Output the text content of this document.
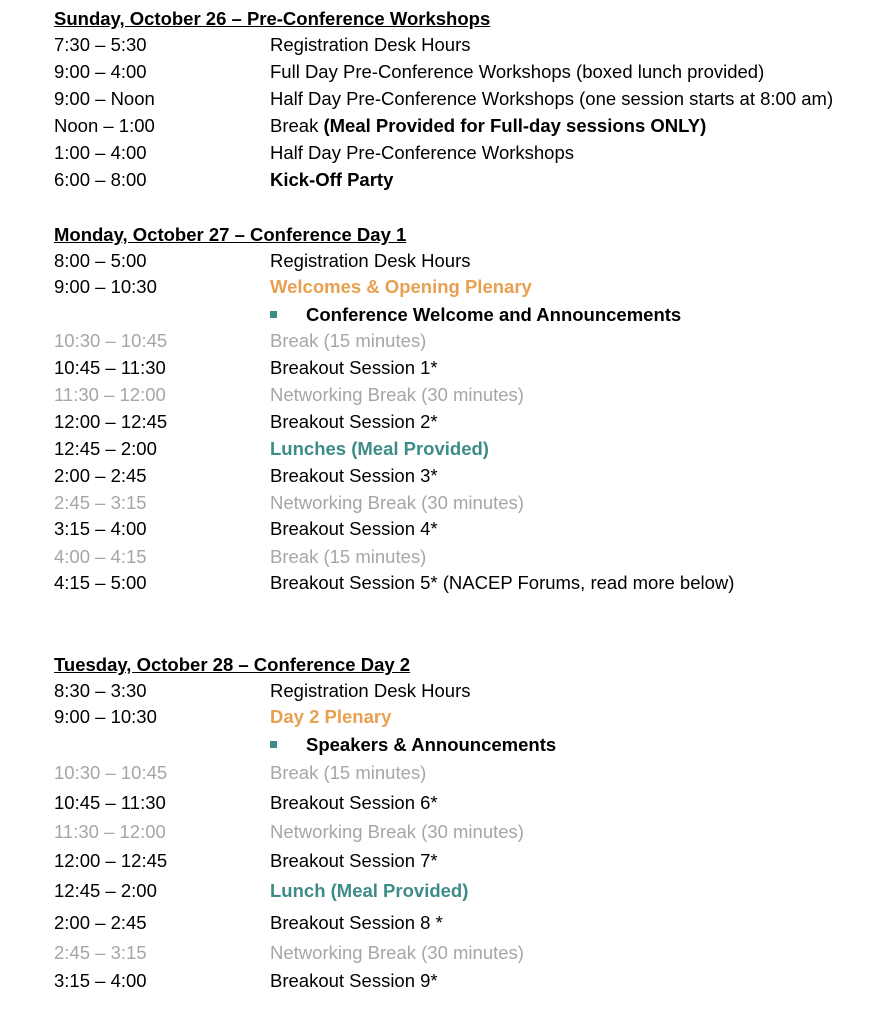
Sunday, October 26 – Pre-Conference Workshops
7:30 – 5:30	Registration Desk Hours
9:00 – 4:00	Full Day Pre-Conference Workshops (boxed lunch provided)
9:00 – Noon	Half Day Pre-Conference Workshops (one session starts at 8:00 am)
Noon – 1:00	Break (Meal Provided for Full-day sessions ONLY)
1:00 – 4:00	Half Day Pre-Conference Workshops
6:00 – 8:00	Kick-Off Party
Monday, October 27 – Conference Day 1
8:00 – 5:00	Registration Desk Hours
9:00 – 10:30	Welcomes & Opening Plenary
Conference Welcome and Announcements
10:30 – 10:45	Break (15 minutes)
10:45 – 11:30	Breakout Session 1*
11:30 – 12:00	Networking Break (30 minutes)
12:00 – 12:45	Breakout Session 2*
12:45 – 2:00	Lunches (Meal Provided)
2:00 – 2:45	Breakout Session 3*
2:45 – 3:15	Networking Break (30 minutes)
3:15 – 4:00	Breakout Session 4*
4:00 – 4:15	Break (15 minutes)
4:15 – 5:00	Breakout Session 5* (NACEP Forums, read more below)
Tuesday, October 28 – Conference Day 2
8:30 – 3:30	Registration Desk Hours
9:00 – 10:30	Day 2 Plenary
Speakers & Announcements
10:30 – 10:45	Break (15 minutes)
10:45 – 11:30	Breakout Session 6*
11:30 – 12:00	Networking Break (30 minutes)
12:00 – 12:45	Breakout Session 7*
12:45 – 2:00	Lunch (Meal Provided)
2:00 – 2:45	Breakout Session 8 *
2:45 – 3:15	Networking Break (30 minutes)
3:15 – 4:00	Breakout Session 9*
